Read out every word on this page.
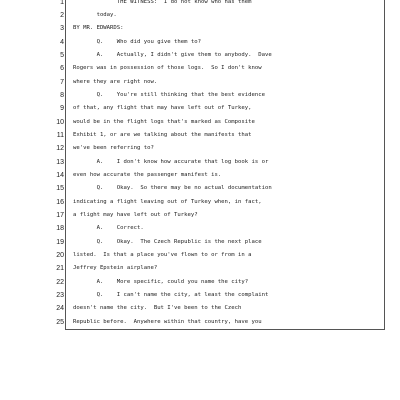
1
2
3
4
5
6
7
8
9
10
11
12
13
14
15
16
17
18
19
20
21
22
23
24
25
THE WITNESS:  I do not know who has them
today.
BY MR. EDWARDS:
Q.    Who did you give them to?
A.    Actually, I didn't give them to anybody.  Dave
Rogers was in possession of those logs.  So I don't know
where they are right now.
Q.    You're still thinking that the best evidence
of that, any flight that may have left out of Turkey,
would be in the flight logs that's marked as Composite
Exhibit 1, or are we talking about the manifests that
we've been referring to?
A.    I don't know how accurate that log book is or
even how accurate the passenger manifest is.
Q.    Okay.  So there may be no actual documentation
indicating a flight leaving out of Turkey when, in fact,
a flight may have left out of Turkey?
A.    Correct.
Q.    Okay.  The Czech Republic is the next place
listed.  Is that a place you've flown to or from in a
Jeffrey Epstein airplane?
A.    More specific, could you name the city?
Q.    I can't name the city, at least the complaint
doesn't name the city.  But I've been to the Czech
Republic before.  Anywhere within that country, have you
